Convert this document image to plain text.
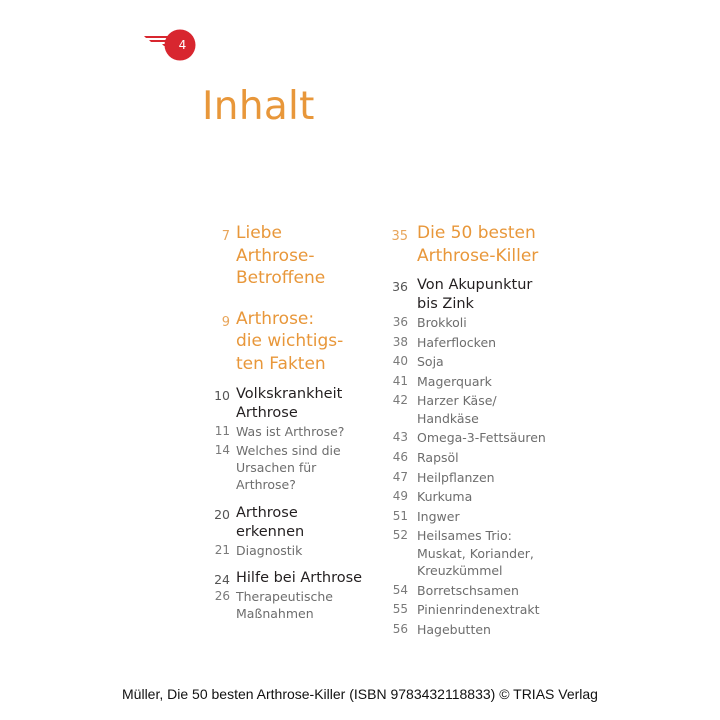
4
Inhalt
7 Liebe
Arthrose-
Betroffene
9 Arthrose:
die wichtigs-
ten Fakten
10 Volkskrankheit
Arthrose
11 Was ist Arthrose?
14 Welches sind die
Ursachen für
Arthrose?
20 Arthrose
erkennen
21 Diagnostik
24 Hilfe bei Arthrose
26 Therapeutische
Maßnahmen
35 Die 50 besten
Arthrose-Killer
36 Von Akupunktur
bis Zink
36 Brokkoli
38 Haferflocken
40 Soja
41 Magerquark
42 Harzer Käse/
Handkäse
43 Omega-3-Fettsäuren
46 Rapsöl
47 Heilpflanzen
49 Kurkuma
51 Ingwer
52 Heilsames Trio:
Muskat, Koriander,
Kreuzkümmel
54 Borretschsamen
55 Pinienrindenextrakt
56 Hagebutten
Müller, Die 50 besten Arthrose-Killer (ISBN 9783432118833) © TRIAS Verlag
